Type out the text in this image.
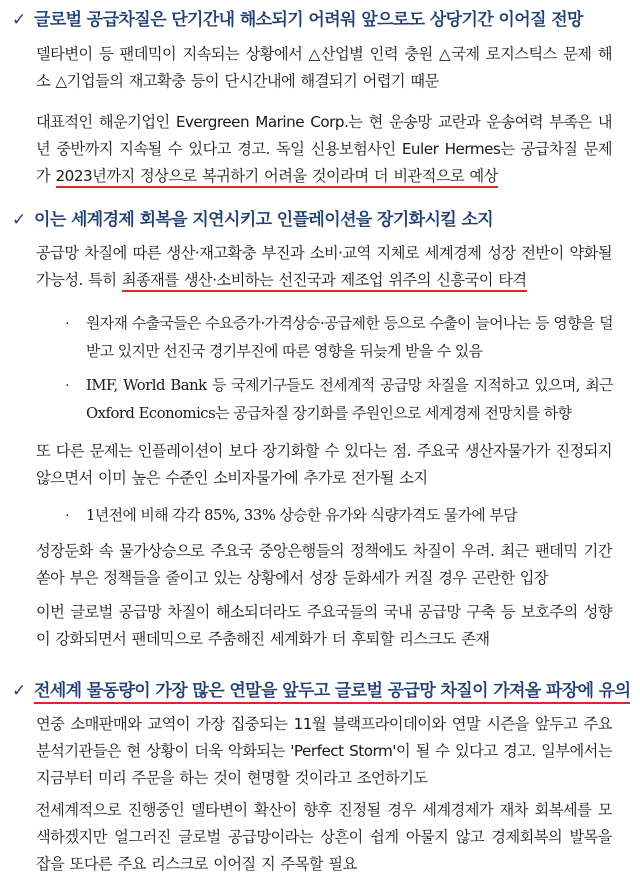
✓ 글로벌 공급차질은 단기간내 해소되기 어려워 앞으로도 상당기간 이어질 전망
델타변이 등 팬데믹이 지속되는 상황에서 △산업별 인력 충원 △국제 로지스틱스 문제 해소 △기업들의 재고확충 등이 단시간내에 해결되기 어렵기 때문
대표적인 해운기업인 Evergreen Marine Corp.는 현 운송망 교란과 운송여력 부족은 내년 중반까지 지속될 수 있다고 경고. 독일 신용보험사인 Euler Hermes는 공급차질 문제가 2023년까지 정상으로 복귀하기 어려울 것이라며 더 비관적으로 예상
✓ 이는 세계경제 회복을 지연시키고 인플레이션을 장기화시킬 소지
공급망 차질에 따른 생산·재고확충 부진과 소비·교역 지체로 세계경제 성장 전반이 약화될 가능성. 특히 최종재를 생산·소비하는 선진국과 제조업 위주의 신흥국이 타격
· 원자재 수출국들은 수요증가·가격상승·공급제한 등으로 수출이 늘어나는 등 영향을 덜 받고 있지만 선진국 경기부진에 따른 영향을 뒤늦게 받을 수 있음
· IMF, World Bank 등 국제기구들도 전세계적 공급망 차질을 지적하고 있으며, 최근 Oxford Economics는 공급차질 장기화를 주원인으로 세계경제 전망치를 하향
또 다른 문제는 인플레이션이 보다 장기화할 수 있다는 점. 주요국 생산자물가가 진정되지 않으면서 이미 높은 수준인 소비자물가에 추가로 전가될 소지
· 1년전에 비해 각각 85%, 33% 상승한 유가와 식량가격도 물가에 부담
성장둔화 속 물가상승으로 주요국 중앙은행들의 정책에도 차질이 우려. 최근 팬데믹 기간 쏟아 부은 정책들을 줄이고 있는 상황에서 성장 둔화세가 커질 경우 곤란한 입장
이번 글로벌 공급망 차질이 해소되더라도 주요국들의 국내 공급망 구축 등 보호주의 성향이 강화되면서 팬데믹으로 주춤해진 세계화가 더 후퇴할 리스크도 존재
✓ 전세계 물동량이 가장 많은 연말을 앞두고 글로벌 공급망 차질이 가져올 파장에 유의
연중 소매판매와 교역이 가장 집중되는 11월 블랙프라이데이와 연말 시즌을 앞두고 주요 분석기관들은 현 상황이 더욱 악화되는 'Perfect Storm'이 될 수 있다고 경고. 일부에서는 지금부터 미리 주문을 하는 것이 현명할 것이라고 조언하기도
전세계적으로 진행중인 델타변이 확산이 향후 진정될 경우 세계경제가 재차 회복세를 모색하겠지만 얼그러진 글로벌 공급망이라는 상흔이 쉽게 아물지 않고 경제회복의 발목을 잡을 또다른 주요 리스크로 이어질 지 주목할 필요
